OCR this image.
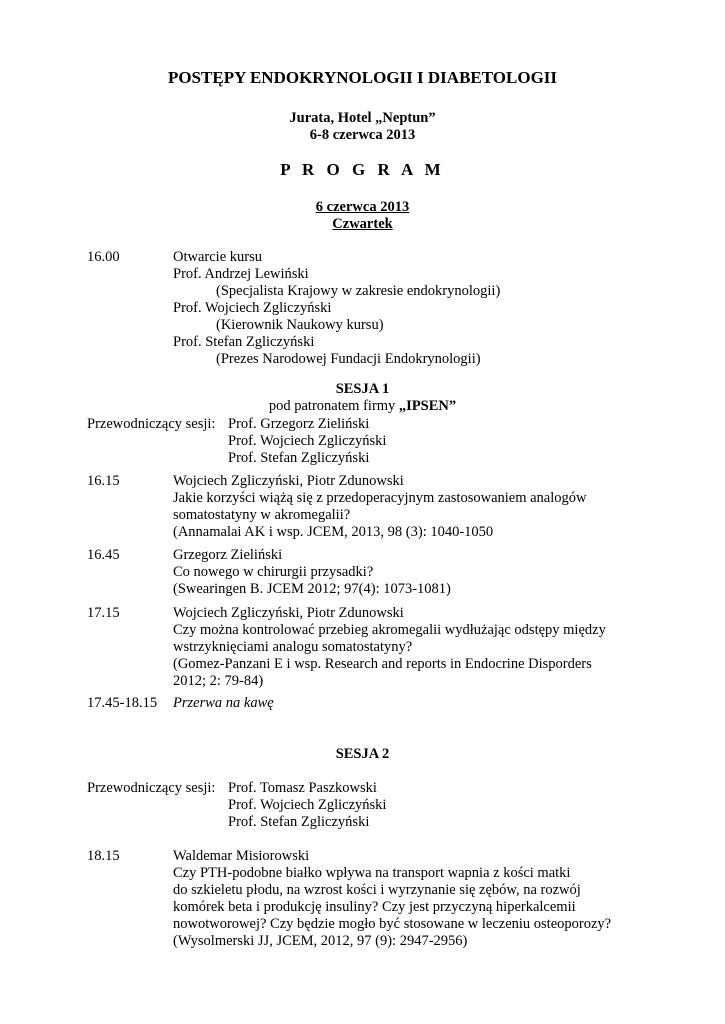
POSTĘPY ENDOKRYNOLOGII I DIABETOLOGII
Jurata, Hotel „Neptun”
6-8 czerwca 2013
P R O G R A M
6 czerwca 2013
Czwartek
16.00	Otwarcie kursu
Prof. Andrzej Lewiński
(Specjalista Krajowy w zakresie endokrynologii)
Prof. Wojciech Zgliczyński
(Kierownik Naukowy kursu)
Prof. Stefan Zgliczyński
(Prezes Narodowej Fundacji Endokrynologii)
SESJA 1
pod patronatem firmy „IPSEN”
Przewodniczący sesji: Prof. Grzegorz Zieliński
Prof. Wojciech Zgliczyński
Prof. Stefan Zgliczyński
16.15	Wojciech Zgliczyński, Piotr Zdunowski
Jakie korzyści wiążą się z przedoperacyjnym zastosowaniem analogów
somatostatyny w akromegalii?
(Annamalai AK i wsp. JCEM, 2013, 98 (3): 1040-1050
16.45	Grzegorz Zieliński
Co nowego w chirurgii przysadki?
(Swearingen B. JCEM 2012; 97(4): 1073-1081)
17.15	Wojciech Zgliczyński, Piotr Zdunowski
Czy można kontrolować przebieg akromegalii wydłużając odstępy między
wstrzyknięciami analogu somatostatyny?
(Gomez-Panzani E i wsp. Research and reports in Endocrine Disporders
2012; 2: 79-84)
17.45-18.15 Przerwa na kawę
SESJA 2
Przewodniczący sesji: Prof. Tomasz Paszkowski
Prof. Wojciech Zgliczyński
Prof. Stefan Zgliczyński
18.15	Waldemar Misiorowski
Czy PTH-podobne białko wpływa na transport wapnia z kości matki
do szkieletu płodu, na wzrost kości i wyrzynanie się zębów, na rozwój
komórek beta i produkcję insuliny? Czy jest przyczyną hiperkalcemii
nowotworowej? Czy będzie mogło być stosowane w leczeniu osteoporozy?
(Wysolmerski JJ, JCEM, 2012, 97 (9): 2947-2956)
